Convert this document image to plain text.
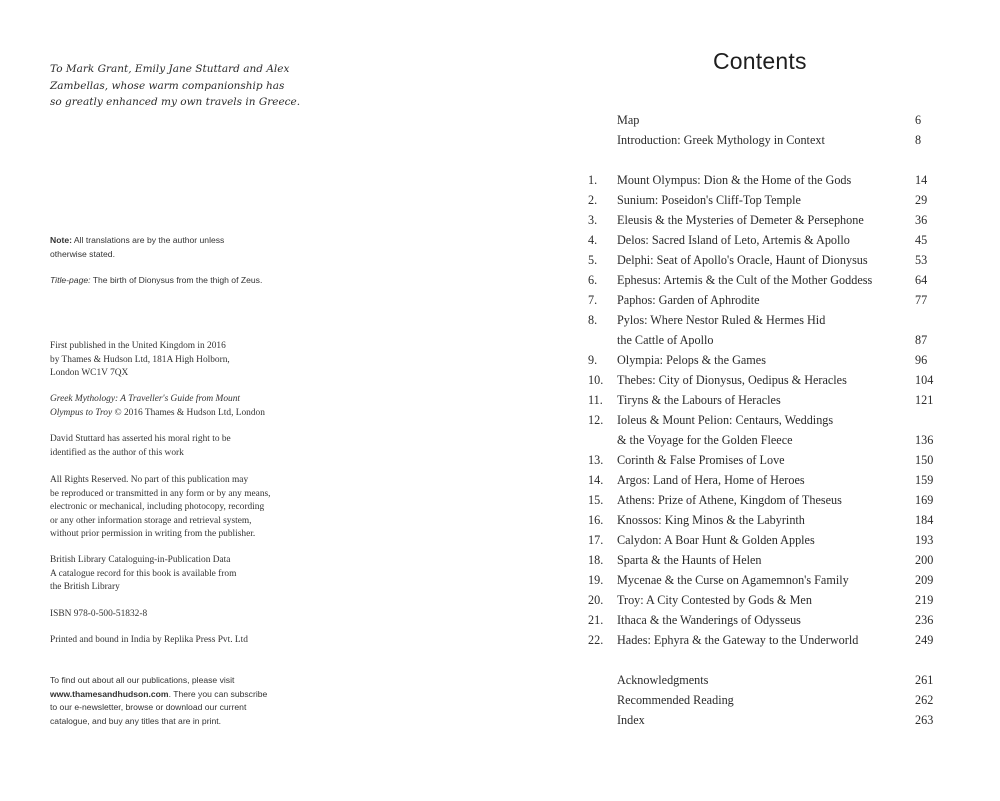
To Mark Grant, Emily Jane Stuttard and Alex
Zambellas, whose warm companionship has
so greatly enhanced my own travels in Greece.
Note: All translations are by the author unless
otherwise stated.
Title-page: The birth of Dionysus from the thigh of Zeus.
First published in the United Kingdom in 2016
by Thames & Hudson Ltd, 181A High Holborn,
London WC1V 7QX
Greek Mythology: A Traveller's Guide from Mount
Olympus to Troy © 2016 Thames & Hudson Ltd, London
David Stuttard has asserted his moral right to be
identified as the author of this work
All Rights Reserved. No part of this publication may
be reproduced or transmitted in any form or by any means,
electronic or mechanical, including photocopy, recording
or any other information storage and retrieval system,
without prior permission in writing from the publisher.
British Library Cataloguing-in-Publication Data
A catalogue record for this book is available from
the British Library
ISBN 978-0-500-51832-8
Printed and bound in India by Replika Press Pvt. Ltd
To find out about all our publications, please visit
www.thamesandhudson.com. There you can subscribe
to our e-newsletter, browse or download our current
catalogue, and buy any titles that are in print.
Contents
Map	6
Introduction: Greek Mythology in Context	8
1. Mount Olympus: Dion & the Home of the Gods	14
2. Sunium: Poseidon's Cliff-Top Temple	29
3. Eleusis & the Mysteries of Demeter & Persephone	36
4. Delos: Sacred Island of Leto, Artemis & Apollo	45
5. Delphi: Seat of Apollo's Oracle, Haunt of Dionysus	53
6. Ephesus: Artemis & the Cult of the Mother Goddess	64
7. Paphos: Garden of Aphrodite	77
8. Pylos: Where Nestor Ruled & Hermes Hid
the Cattle of Apollo	87
9. Olympia: Pelops & the Games	96
10. Thebes: City of Dionysus, Oedipus & Heracles	104
11. Tiryns & the Labours of Heracles	121
12. Ioleus & Mount Pelion: Centaurs, Weddings
& the Voyage for the Golden Fleece	136
13. Corinth & False Promises of Love	150
14. Argos: Land of Hera, Home of Heroes	159
15. Athens: Prize of Athene, Kingdom of Theseus	169
16. Knossos: King Minos & the Labyrinth	184
17. Calydon: A Boar Hunt & Golden Apples	193
18. Sparta & the Haunts of Helen	200
19. Mycenae & the Curse on Agamemnon's Family	209
20. Troy: A City Contested by Gods & Men	219
21. Ithaca & the Wanderings of Odysseus	236
22. Hades: Ephyra & the Gateway to the Underworld	249
Acknowledgments	261
Recommended Reading	262
Index	263
